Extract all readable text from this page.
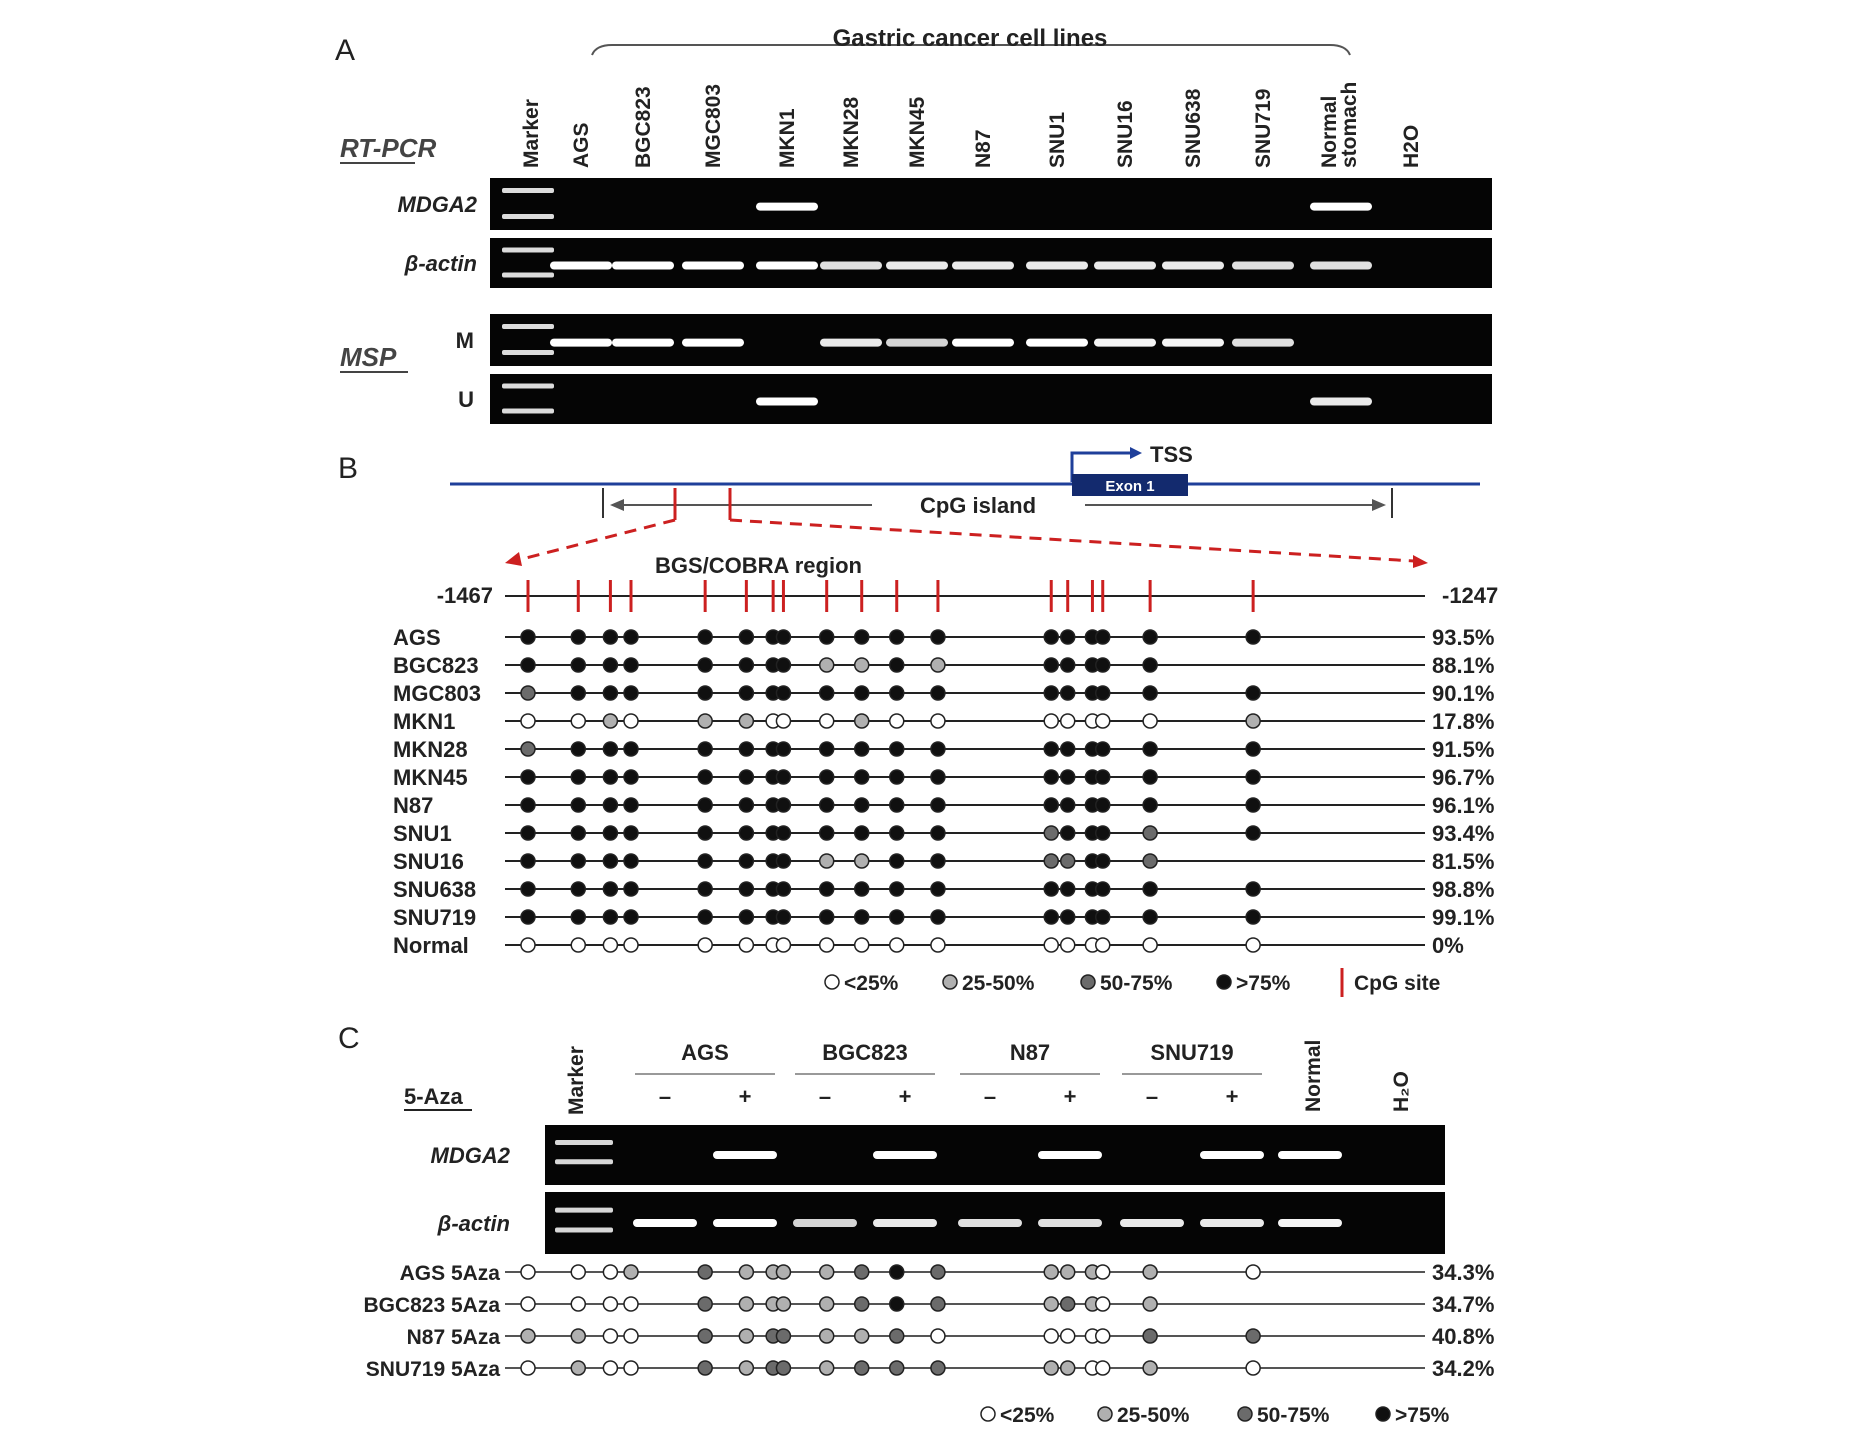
A	Gastric cancer cell lines
RT-PCR
MSP
Marker AGS BGC823 MGC803 MKN1 MKN28 MKN45 N87 SNU1 SNU16 SNU638 SNU719 Normal
stomach H2O
MDGA2
β-actin
M
U
B	TSS
Exon 1
CpG island
BGS/COBRA region
-1467	-1247
AGS	93.5%
BGC823	88.1%
MGC803	90.1%
MKN1	17.8%
MKN28	91.5%
MKN45	96.7%
N87	96.1%
SNU1	93.4%
SNU16	81.5%
SNU638	98.8%
SNU719	99.1%
Normal	0%
<25%	25-50%	50-75%	>75%	CpG site
C
5-Aza	Marker	AGS
–	+
BGC823
–	+
N87
–	+
SNU719
–	+	Normal	H₂O
MDGA2
β-actin
AGS 5Aza	34.3%
BGC823 5Aza	34.7%
N87 5Aza	40.8%
SNU719 5Aza	34.2%
<25%	25-50%	50-75%	>75%
